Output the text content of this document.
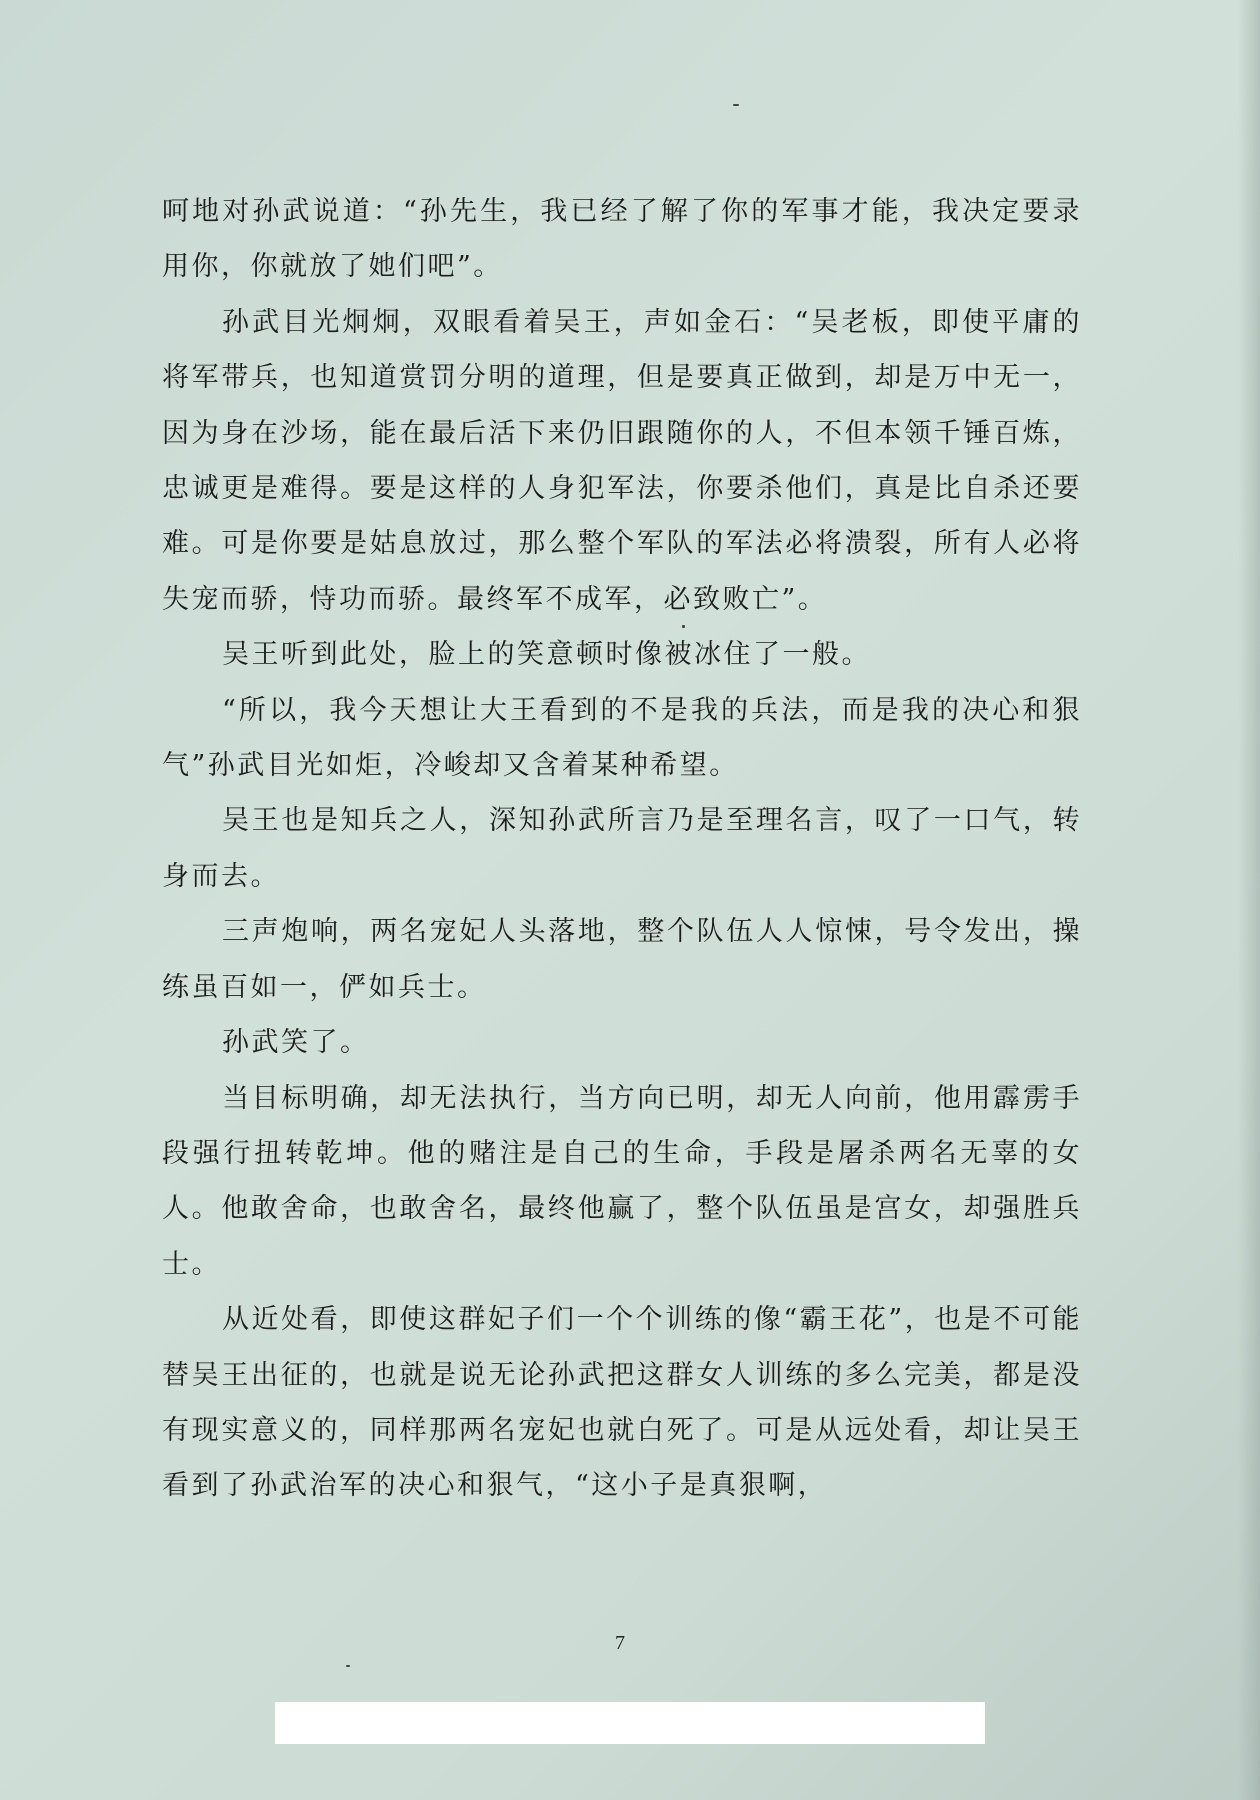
呵地对孙武说道：“孙先生，我已经了解了你的军事才能，我决定要录用你，你就放了她们吧”。

孙武目光炯炯，双眼看着吴王，声如金石：“吴老板，即使平庸的将军带兵，也知道赏罚分明的道理，但是要真正做到，却是万中无一，因为身在沙场，能在最后活下来仍旧跟随你的人，不但本领千锤百炼，忠诚更是难得。要是这样的人身犯军法，你要杀他们，真是比自杀还要难。可是你要是姑息放过，那么整个军队的军法必将溃裂，所有人必将失宠而骄，恃功而骄。最终军不成军，必致败亡”。

吴王听到此处，脸上的笑意顿时像被冰住了一般。

“所以，我今天想让大王看到的不是我的兵法，而是我的决心和狠气”孙武目光如炬，冷峻却又含着某种希望。

吴王也是知兵之人，深知孙武所言乃是至理名言，叹了一口气，转身而去。

三声炮响，两名宠妃人头落地，整个队伍人人惊悚，号令发出，操练虽百如一，俨如兵士。

孙武笑了。

当目标明确，却无法执行，当方向已明，却无人向前，他用霹雳手段强行扭转乾坤。他的赌注是自己的生命，手段是屠杀两名无辜的女人。他敢舍命，也敢舍名，最终他赢了，整个队伍虽是宫女，却强胜兵士。

从近处看，即使这群妃子们一个个训练的像“霸王花”，也是不可能替吴王出征的，也就是说无论孙武把这群女人训练的多么完美，都是没有现实意义的，同样那两名宠妃也就白死了。可是从远处看，却让吴王看到了孙武治军的决心和狠气，“这小子是真狠啊，

7
